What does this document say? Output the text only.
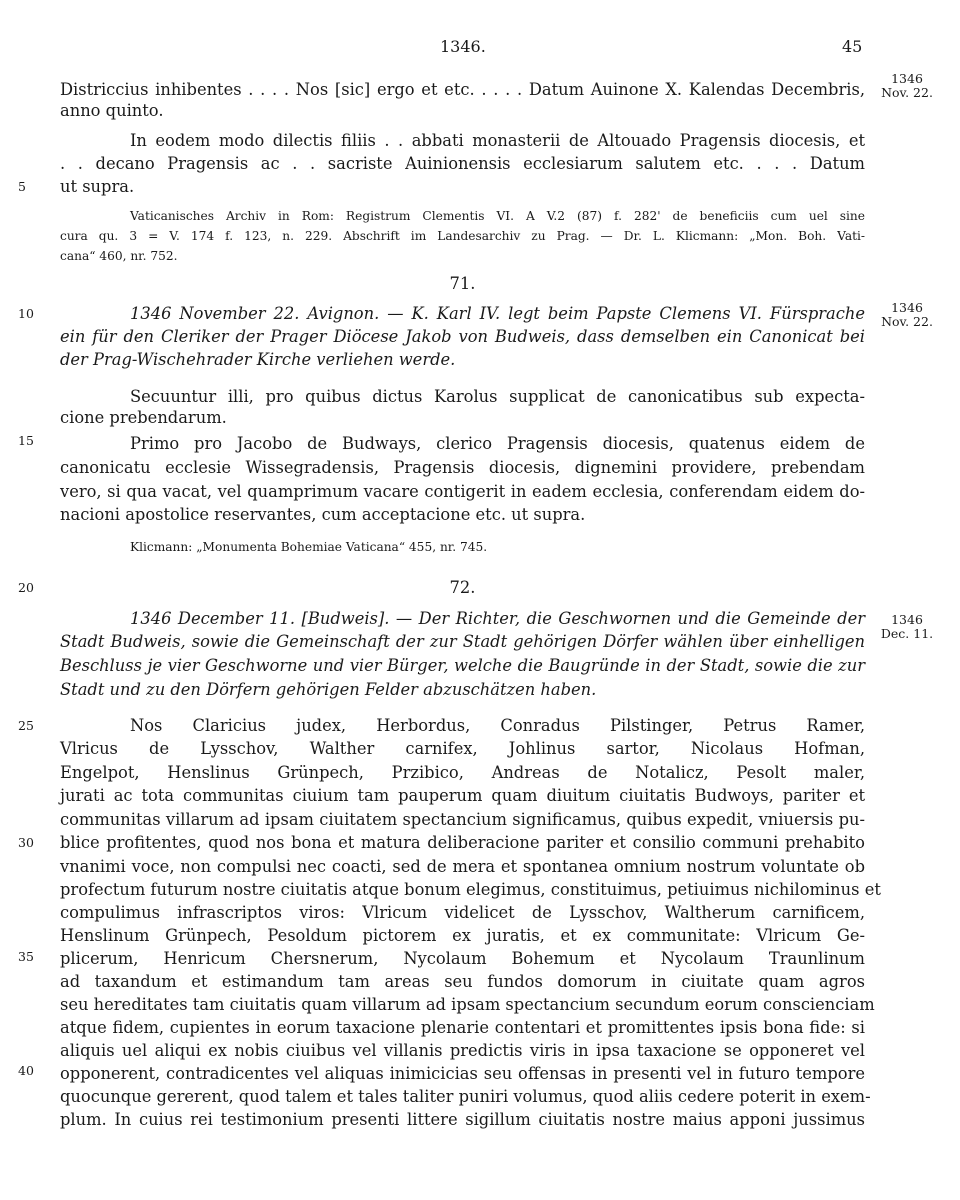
1346.	45
1346
Nov. 22.
1346
Nov. 22.
1346
Dec. 11.
5
10
15
20
25
30
35
40
Districcius inhibentes . . . . Nos [sic] ergo et etc. . . . . Datum Auinone X. Kalendas Decembris,
anno quinto.
In eodem modo dilectis filiis . . abbati monasterii de Altouado Pragensis diocesis, et
. . decano Pragensis ac . . sacriste Auinionensis ecclesiarum salutem etc. . . . Datum
ut supra.
Vaticanisches Archiv in Rom: Registrum Clementis VI. A V.2 (87) f. 282' de beneficiis cum uel sine
cura qu. 3 = V. 174 f. 123, n. 229. Abschrift im Landesarchiv zu Prag. — Dr. L. Klicmann: „Mon. Boh. Vati-
cana“ 460, nr. 752.
71.
1346 November 22. Avignon. — K. Karl IV. legt beim Papste Clemens VI. Fürsprache
ein für den Cleriker der Prager Diöcese Jakob von Budweis, dass demselben ein Canonicat bei
der Prag-Wischehrader Kirche verliehen werde.
Secuuntur illi, pro quibus dictus Karolus supplicat de canonicatibus sub expecta-
cione prebendarum.
Primo pro Jacobo de Budways, clerico Pragensis diocesis, quatenus eidem de
canonicatu ecclesie Wissegradensis, Pragensis diocesis, dignemini providere, prebendam
vero, si qua vacat, vel quamprimum vacare contigerit in eadem ecclesia, conferendam eidem do-
nacioni apostolice reservantes, cum acceptacione etc. ut supra.
Klicmann: „Monumenta Bohemiae Vaticana“ 455, nr. 745.
72.
1346 December 11. [Budweis]. — Der Richter, die Geschwornen und die Gemeinde der
Stadt Budweis, sowie die Gemeinschaft der zur Stadt gehörigen Dörfer wählen über einhelligen
Beschluss je vier Geschworne und vier Bürger, welche die Baugründe in der Stadt, sowie die zur
Stadt und zu den Dörfern gehörigen Felder abzuschätzen haben.
Nos Claricius judex, Herbordus, Conradus Pilstinger, Petrus Ramer,
Vlricus de Lysschov, Walther carnifex, Johlinus sartor, Nicolaus Hofman,
Engelpot, Henslinus Grünpech, Przibico, Andreas de Notalicz, Pesolt maler,
jurati ac tota communitas ciuium tam pauperum quam diuitum ciuitatis Budwoys, pariter et
communitas villarum ad ipsam ciuitatem spectancium significamus, quibus expedit, vniuersis pu-
blice profitentes, quod nos bona et matura deliberacione pariter et consilio communi prehabito
vnanimi voce, non compulsi nec coacti, sed de mera et spontanea omnium nostrum voluntate ob
profectum futurum nostre ciuitatis atque bonum elegimus, constituimus, petiuimus nichilominus et
compulimus infrascriptos viros: Vlricum videlicet de Lysschov, Waltherum carnificem,
Henslinum Grünpech, Pesoldum pictorem ex juratis, et ex communitate: Vlricum Ge-
plicerum, Henricum Chersnerum, Nycolaum Bohemum et Nycolaum Traunlinum
ad taxandum et estimandum tam areas seu fundos domorum in ciuitate quam agros
seu hereditates tam ciuitatis quam villarum ad ipsam spectancium secundum eorum conscienciam
atque fidem, cupientes in eorum taxacione plenarie contentari et promittentes ipsis bona fide: si
aliquis uel aliqui ex nobis ciuibus vel villanis predictis viris in ipsa taxacione se opponeret vel
opponerent, contradicentes vel aliquas inimicicias seu offensas in presenti vel in futuro tempore
quocunque gererent, quod talem et tales taliter puniri volumus, quod aliis cedere poterit in exem-
plum. In cuius rei testimonium presenti littere sigillum ciuitatis nostre maius apponi jussimus
